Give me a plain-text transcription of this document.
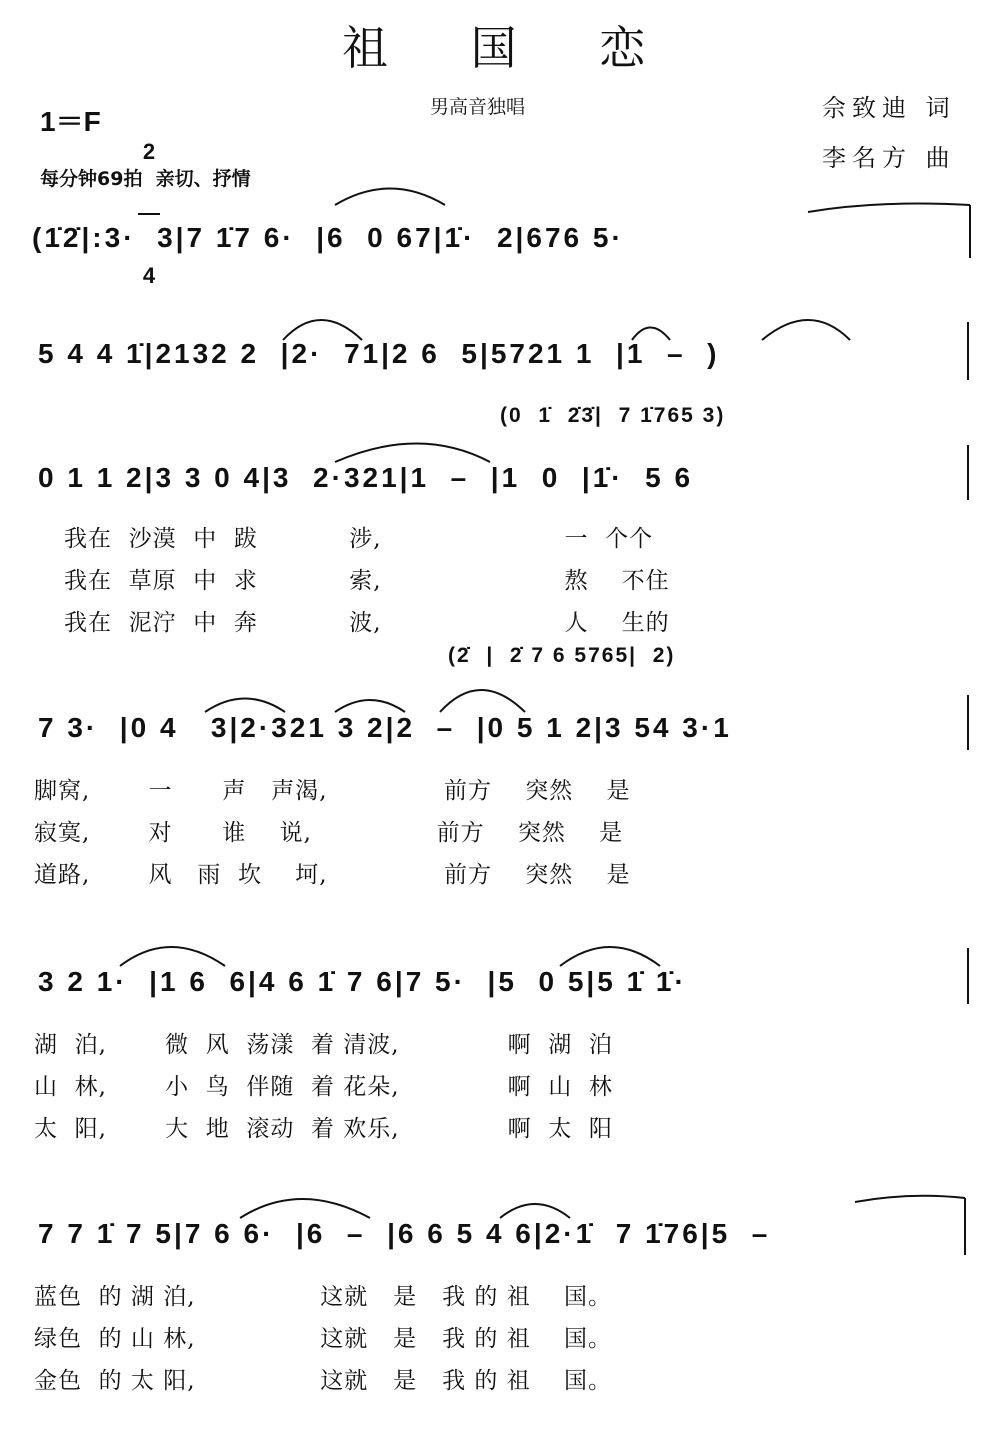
祖 国 恋
1＝F

2

4

男高音独唱	佘致迪 词
李名方 曲
每分钟69拍  亲切、抒情
(1̇2̇|:3·  3|7 1̇7 6·  |6  0 67|1̇·  2|676 5·
5 4 4 1̇|2132 2  |2·  71|2 6  5|5721 1  |1  –  )
(0  1̇  2̇3̇|  7 1̇765 3)
0 1 1 2|3 3 0 4|3  2·321|1  –  |1  0  |1̇·  5 6
我在  沙漠  中  跋           涉,                      一  个个
我在  草原  中  求           索,                      熬    不住
我在  泥泞  中  奔           波,                      人    生的
(2̇  |  2̇ 7 6 5765|  2)
7 3·  |0 4   3|2·321 3 2|2  –  |0 5 1 2|3 54 3·1
脚窝,       一      声   声渴,              前方    突然    是
寂寞,       对      谁    说,               前方    突然    是
道路,       风   雨  坎    坷,              前方    突然    是
3 2 1·  |1 6  6|4 6 1̇ 7 6|7 5·  |5  0 5|5 1̇ 1̇·
湖  泊,       微  风  荡漾  着 清波,             啊  湖  泊
山  林,       小  鸟  伴随  着 花朵,             啊  山  林
太  阳,       大  地  滚动  着 欢乐,             啊  太  阳
7 7 1̇ 7 5|7 6 6·  |6  –  |6 6 5 4 6|2·1̇  7 1̇76|5  –
蓝色  的 湖 泊,               这就   是   我 的 祖    国。
绿色  的 山 林,               这就   是   我 的 祖    国。
金色  的 太 阳,               这就   是   我 的 祖    国。
